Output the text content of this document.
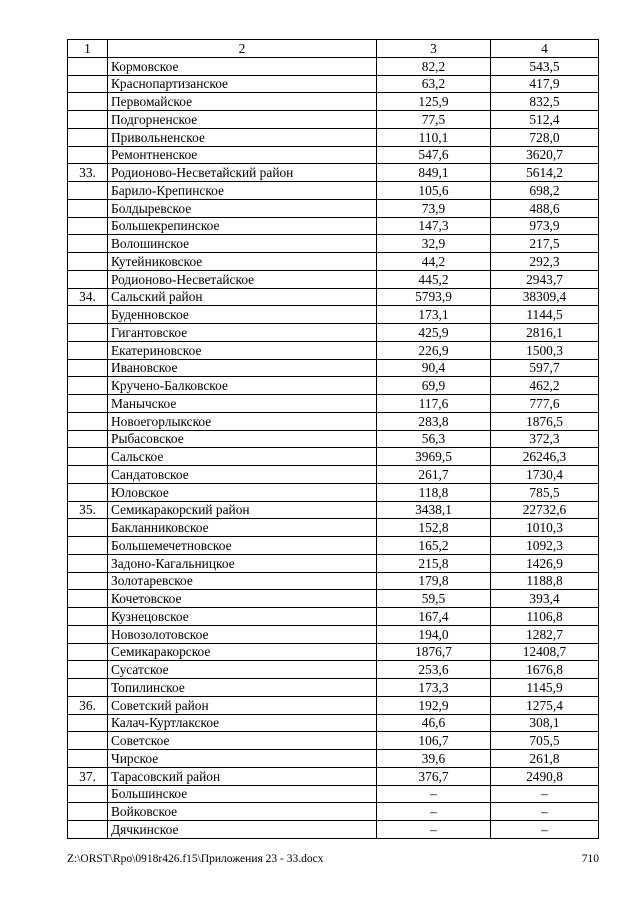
1	2	3	4
	Кормовское	82,2	543,5
	Краснопартизанское	63,2	417,9
	Первомайское	125,9	832,5
	Подгорненское	77,5	512,4
	Привольненское	110,1	728,0
	Ремонтненское	547,6	3620,7
33.	Родионово-Несветайский район	849,1	5614,2
	Барило-Крепинское	105,6	698,2
	Болдыревское	73,9	488,6
	Большекрепинское	147,3	973,9
	Волошинское	32,9	217,5
	Кутейниковское	44,2	292,3
	Родионово-Несветайское	445,2	2943,7
34.	Сальский район	5793,9	38309,4
	Буденновское	173,1	1144,5
	Гигантовское	425,9	2816,1
	Екатериновское	226,9	1500,3
	Ивановское	90,4	597,7
	Кручено-Балковское	69,9	462,2
	Манычское	117,6	777,6
	Новоегорлыкское	283,8	1876,5
	Рыбасовское	56,3	372,3
	Сальское	3969,5	26246,3
	Сандатовское	261,7	1730,4
	Юловское	118,8	785,5
35.	Семикаракорский район	3438,1	22732,6
	Бакланниковское	152,8	1010,3
	Большемечетновское	165,2	1092,3
	Задоно-Кагальницкое	215,8	1426,9
	Золотаревское	179,8	1188,8
	Кочетовское	59,5	393,4
	Кузнецовское	167,4	1106,8
	Новозолотовское	194,0	1282,7
	Семикаракорское	1876,7	12408,7
	Сусатское	253,6	1676,8
	Топилинское	173,3	1145,9
36.	Советский район	192,9	1275,4
	Калач-Куртлакское	46,6	308,1
	Советское	106,7	705,5
	Чирское	39,6	261,8
37.	Тарасовский район	376,7	2490,8
	Большинское	–	–
	Войковское	–	–
	Дячкинское	–	–
Z:\ORST\Rpo\0918r426.f15\Приложения 23 - 33.docx	710
